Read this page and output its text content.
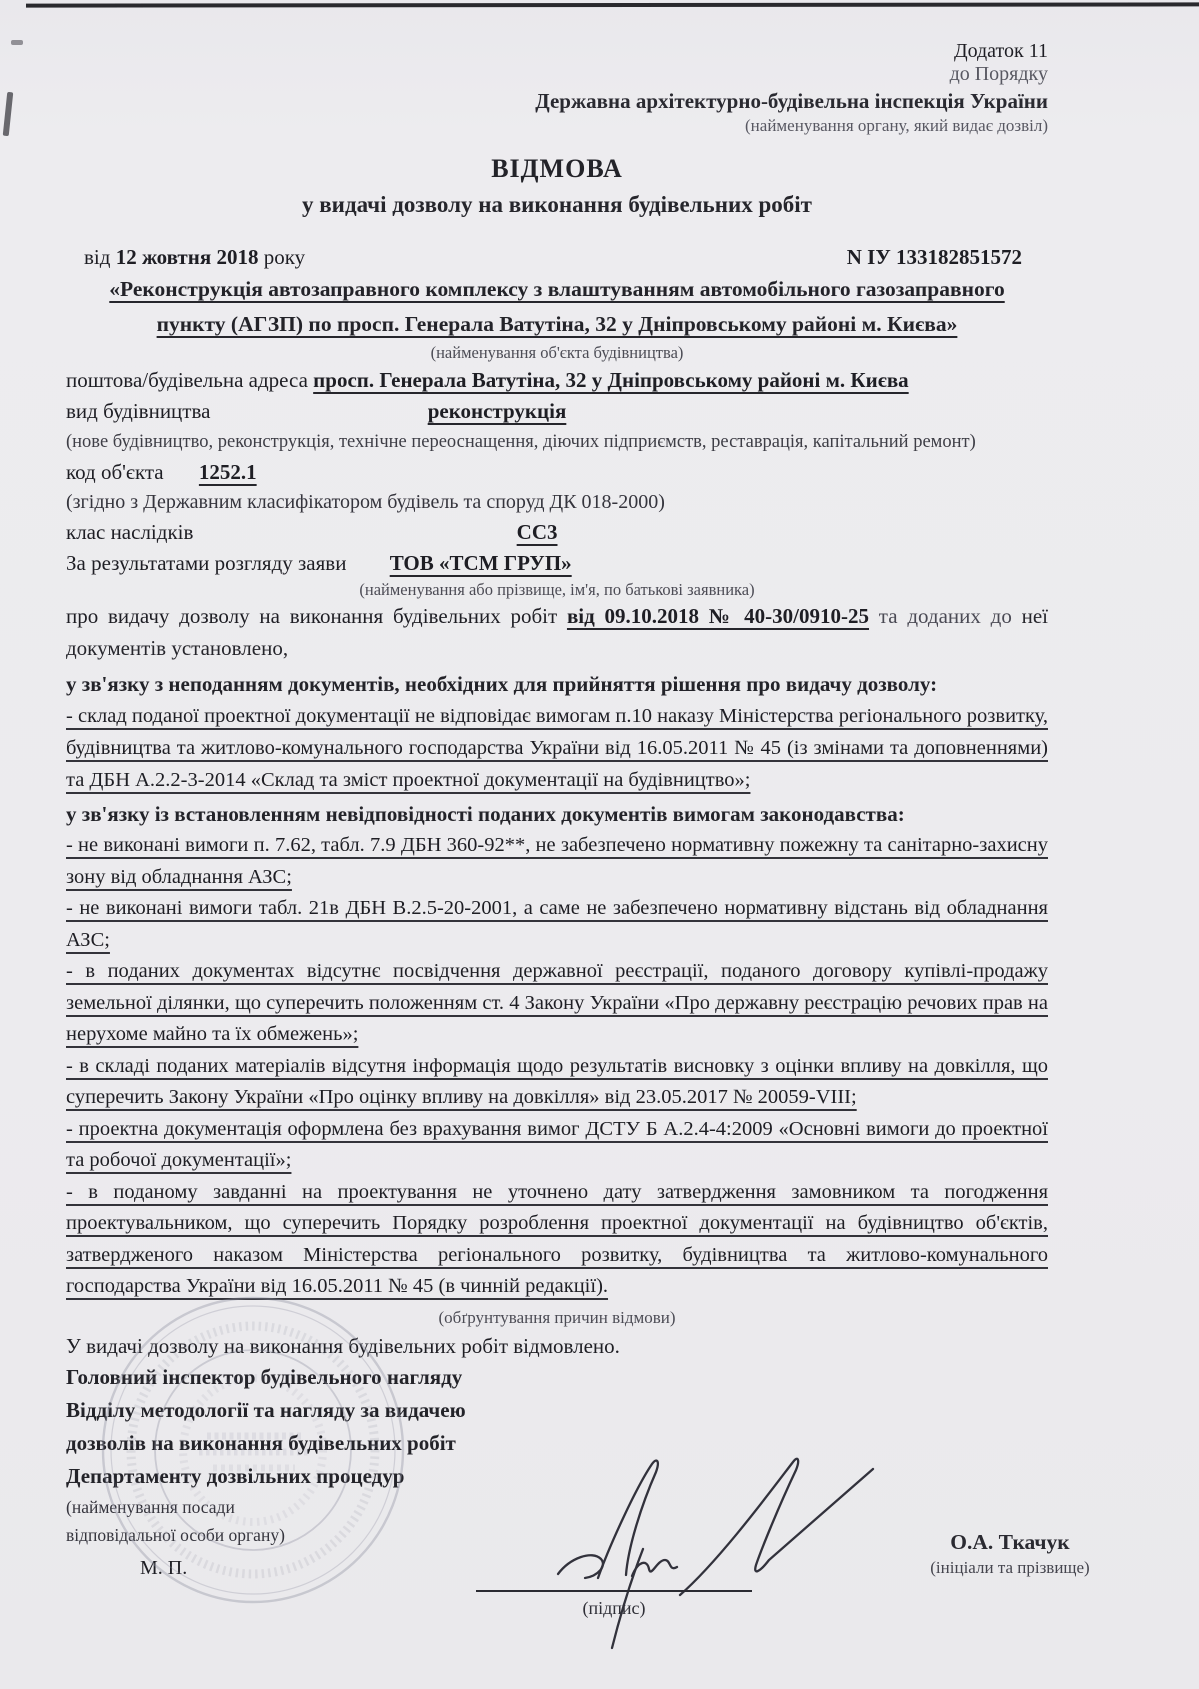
Додаток 11
до Порядку
Державна архітектурно-будівельна інспекція України
(найменування органу, який видає дозвіл)
ВІДМОВА
у видачі дозволу на виконання будівельних робіт
від 12 жовтня 2018 року	N ІУ 133182851572
«Реконструкція автозаправного комплексу з влаштуванням автомобільного газозаправного пункту (АГЗП) по просп. Генерала Ватутіна, 32 у Дніпровському районі м. Києва»
(найменування об'єкта будівництва)
поштова/будівельна адреса просп. Генерала Ватутіна, 32 у Дніпровському районі м. Києва
вид будівництва	реконструкція
(нове будівництво, реконструкція, технічне переоснащення, діючих підприємств, реставрація, капітальний ремонт)
код об'єкта 1252.1
(згідно з Державним класифікатором будівель та споруд ДК 018-2000)
клас наслідків	СС3
За результатами розгляду заяви ТОВ «ТСМ ГРУП»
(найменування або прізвище, ім'я, по батькові заявника)
про видачу дозволу на виконання будівельних робіт від 09.10.2018 № 40-30/0910-25 та доданих до неї документів установлено,
у зв'язку з неподанням документів, необхідних для прийняття рішення про видачу дозволу:

- склад поданої проектної документації не відповідає вимогам п.10 наказу Міністерства регіонального розвитку, будівництва та житлово-комунального господарства України від 16.05.2011 № 45 (із змінами та доповненнями) та ДБН А.2.2-3-2014 «Склад та зміст проектної документації на будівництво»;

у зв'язку із встановленням невідповідності поданих документів вимогам законодавства:

- не виконані вимоги п. 7.62, табл. 7.9 ДБН 360-92**, не забезпечено нормативну пожежну та санітарно-захисну зону від обладнання АЗС;

- не виконані вимоги табл. 21в ДБН В.2.5-20-2001, а саме не забезпечено нормативну відстань від обладнання АЗС;

- в поданих документах відсутнє посвідчення державної реєстрації, поданого договору купівлі-продажу земельної ділянки, що суперечить положенням ст. 4 Закону України «Про державну реєстрацію речових прав на нерухоме майно та їх обмежень»;

- в складі поданих матеріалів відсутня інформація щодо результатів висновку з оцінки впливу на довкілля, що суперечить Закону України «Про оцінку впливу на довкілля» від 23.05.2017 № 20059-VIII;

- проектна документація оформлена без врахування вимог ДСТУ Б А.2.4-4:2009 «Основні вимоги до проектної та робочої документації»;

- в поданому завданні на проектування не уточнено дату затвердження замовником та погодження проектувальником, що суперечить Порядку розроблення проектної документації на будівництво об'єктів, затвердженого наказом Міністерства регіонального розвитку, будівництва та житлово-комунального господарства України від 16.05.2011 № 45 (в чинній редакції).

(обґрунтування причин відмови)
У видачі дозволу на виконання будівельних робіт відмовлено.
Головний інспектор будівельного нагляду
Відділу методології та нагляду за видачею
дозволів на виконання будівельних робіт
Департаменту дозвільних процедур
(найменування посади
відповідальної особи органу)
М. П.
(підпис)
О.А. Ткачук
(ініціали та прізвище)
